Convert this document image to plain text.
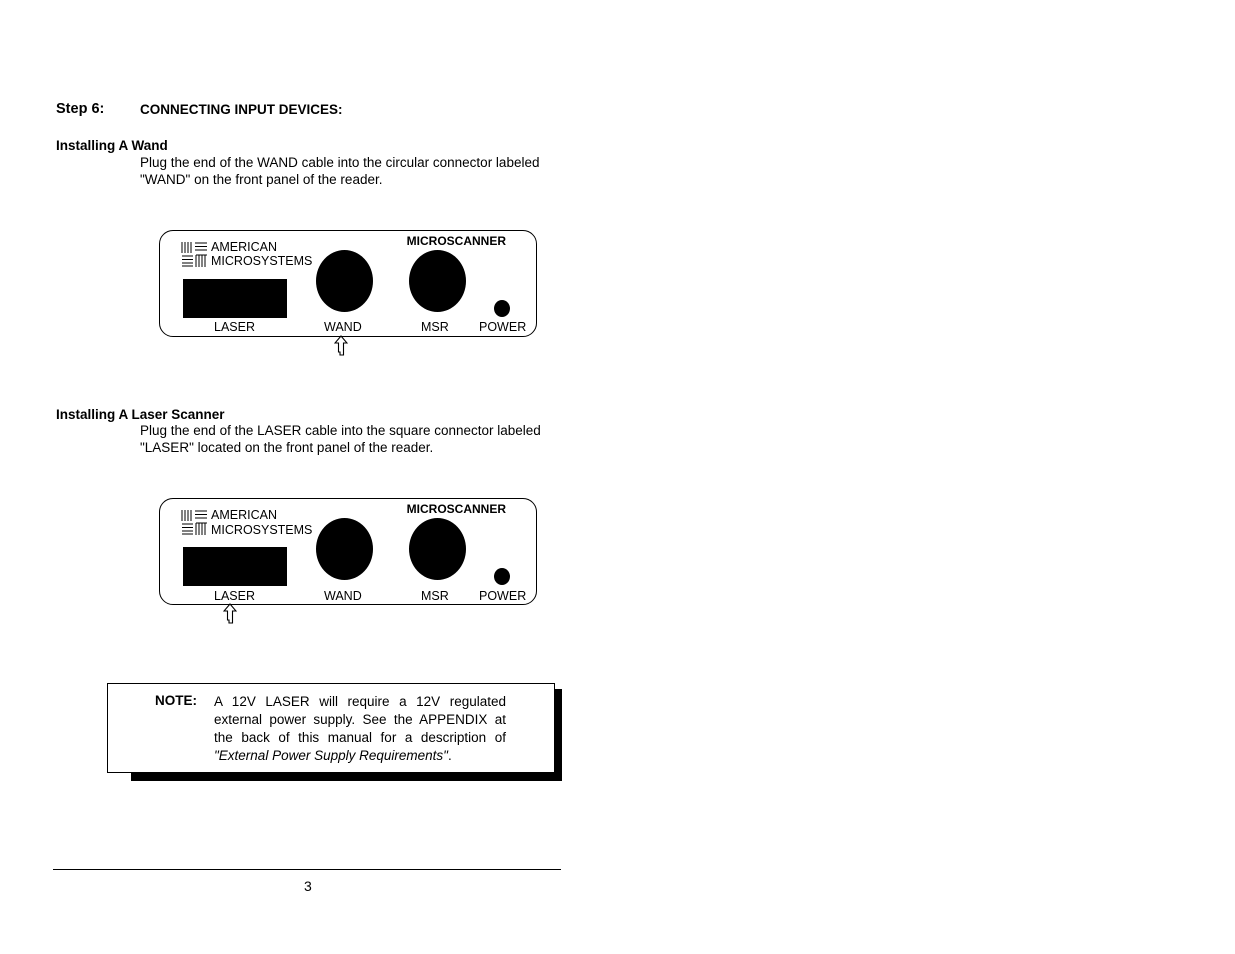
Step 6:	CONNECTING INPUT DEVICES:
Installing A Wand
Plug the end of the WAND cable into the circular connector labeled
"WAND" on the front panel of the reader.
AMERICAN
MICROSYSTEMS
MICROSCANNER
LASER	WAND	MSR POWER
Installing A Laser Scanner
Plug the end of the LASER cable into the square connector labeled
"LASER" located on the front panel of the reader.
AMERICAN
MICROSYSTEMS
MICROSCANNER
LASER	WAND	MSR POWER
NOTE: A 12V LASER will require a 12V regulated external power supply. See the APPENDIX at the back of this manual for a description of "External Power Supply Requirements".
3
